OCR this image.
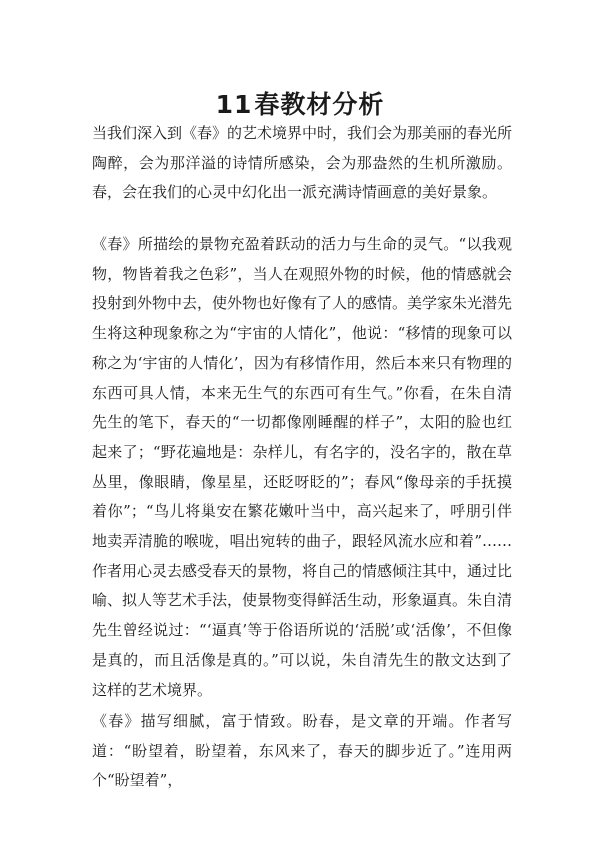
11春教材分析

当我们深入到《春》的艺术境界中时，我们会为那美丽的春光所陶醉，会为那洋溢的诗情所感染，会为那盎然的生机所激励。春，会在我们的心灵中幻化出一派充满诗情画意的美好景象。

《春》所描绘的景物充盈着跃动的活力与生命的灵气。“以我观物，物皆着我之色彩”，当人在观照外物的时候，他的情感就会投射到外物中去，使外物也好像有了人的感情。美学家朱光潜先生将这种现象称之为“宇宙的人情化”，他说：“移情的现象可以称之为‘宇宙的人情化’，因为有移情作用，然后本来只有物理的东西可具人情，本来无生气的东西可有生气。”你看，在朱自清先生的笔下，春天的“一切都像刚睡醒的样子”，太阳的脸也红起来了；“野花遍地是：杂样儿，有名字的，没名字的，散在草丛里，像眼睛，像星星，还眨呀眨的”；春风“像母亲的手抚摸着你”；“鸟儿将巢安在繁花嫩叶当中，高兴起来了，呼朋引伴地卖弄清脆的喉咙，唱出宛转的曲子，跟轻风流水应和着”……作者用心灵去感受春天的景物，将自己的情感倾注其中，通过比喻、拟人等艺术手法，使景物变得鲜活生动，形象逼真。朱自清先生曾经说过：“‘逼真’等于俗语所说的‘活脱’或‘活像’，不但像是真的，而且活像是真的。”可以说，朱自清先生的散文达到了这样的艺术境界。

《春》描写细腻，富于情致。盼春，是文章的开端。作者写道：“盼望着，盼望着，东风来了，春天的脚步近了。”连用两个“盼望着”，
